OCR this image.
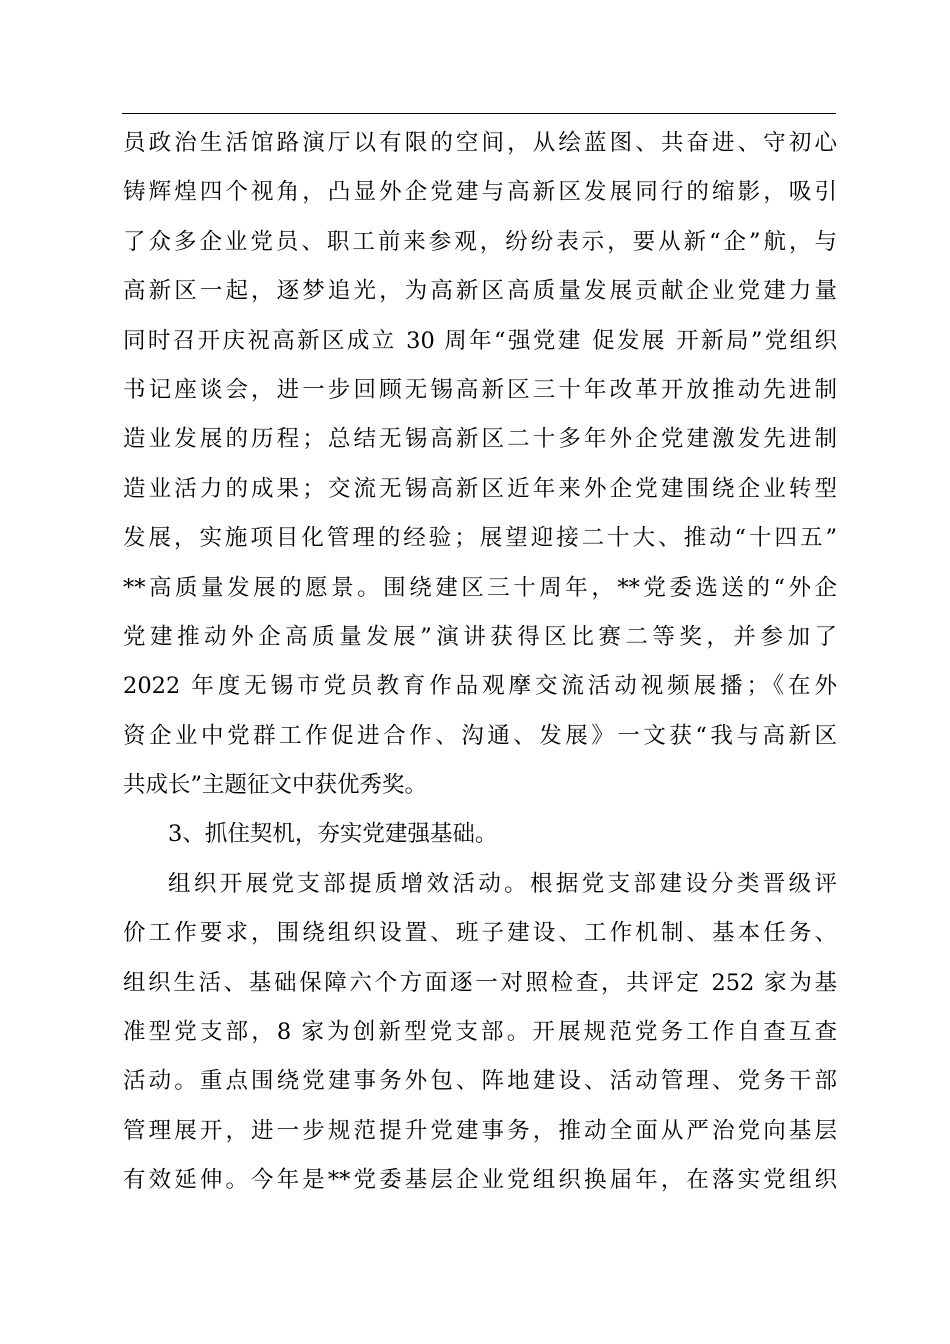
员政治生活馆路演厅以有限的空间，从绘蓝图、共奋进、守初心
铸辉煌四个视角，凸显外企党建与高新区发展同行的缩影，吸引
了众多企业党员、职工前来参观，纷纷表示，要从新“企”航，与
高新区一起，逐梦追光，为高新区高质量发展贡献企业党建力量
同时召开庆祝高新区成立 30 周年“强党建 促发展 开新局”党组织
书记座谈会，进一步回顾无锡高新区三十年改革开放推动先进制
造业发展的历程；总结无锡高新区二十多年外企党建激发先进制
造业活力的成果；交流无锡高新区近年来外企党建围绕企业转型
发展，实施项目化管理的经验；展望迎接二十大、推动“十四五”
**高质量发展的愿景。围绕建区三十周年，**党委选送的“外企
党建推动外企高质量发展”演讲获得区比赛二等奖，并参加了
2022 年度无锡市党员教育作品观摩交流活动视频展播；《在外
资企业中党群工作促进合作、沟通、发展》一文获“我与高新区
共成长”主题征文中获优秀奖。
3、抓住契机，夯实党建强基础。
组织开展党支部提质增效活动。根据党支部建设分类晋级评
价工作要求，围绕组织设置、班子建设、工作机制、基本任务、
组织生活、基础保障六个方面逐一对照检查，共评定 252 家为基
准型党支部，8 家为创新型党支部。开展规范党务工作自查互查
活动。重点围绕党建事务外包、阵地建设、活动管理、党务干部
管理展开，进一步规范提升党建事务，推动全面从严治党向基层
有效延伸。今年是**党委基层企业党组织换届年，在落实党组织
